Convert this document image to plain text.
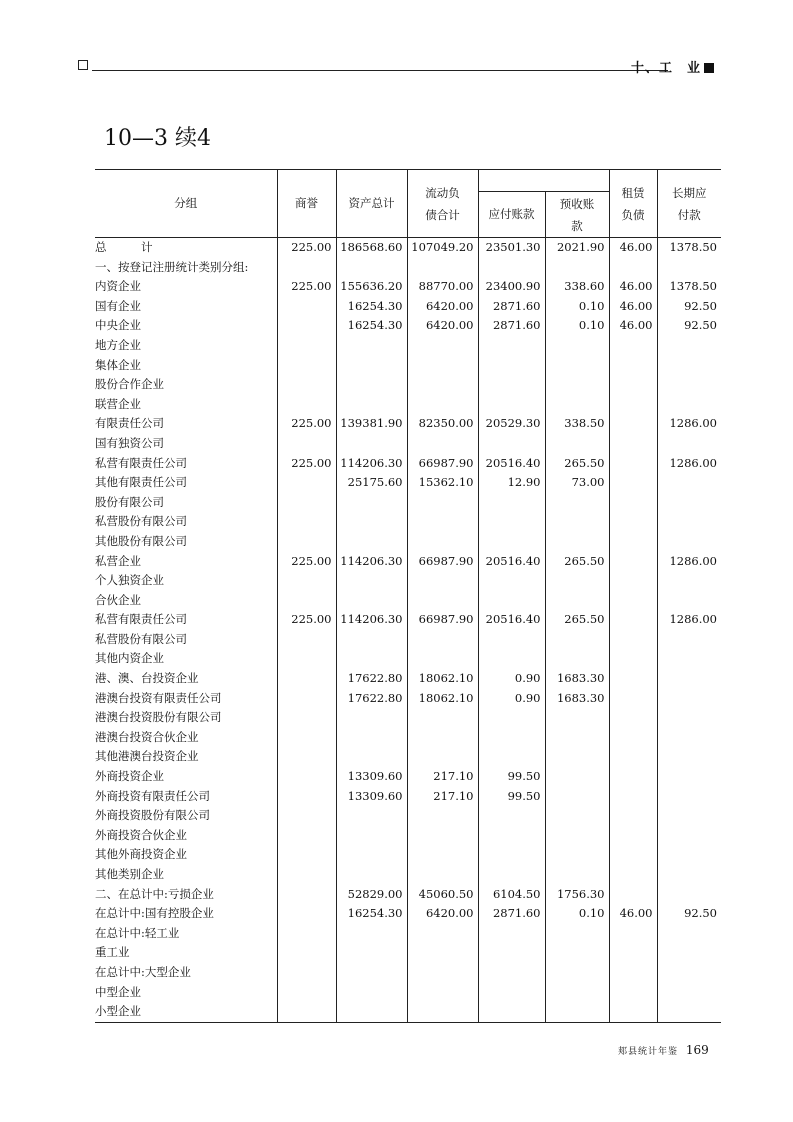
十、工　业
10—3 续4
分组	商誉	资产总计	流动负债合计			租赁负债	长期应付款

				应付账款	预收账款		

总　　　计	225.00	186568.60	107049.20	23501.30	2021.90	46.00	1378.50
一、按登记注册统计类别分组:							
内资企业	225.00	155636.20	88770.00	23400.90	338.60	46.00	1378.50
国有企业		16254.30	6420.00	2871.60	0.10	46.00	92.50
中央企业		16254.30	6420.00	2871.60	0.10	46.00	92.50
地方企业							
集体企业							
股份合作企业							
联营企业							
有限责任公司	225.00	139381.90	82350.00	20529.30	338.50		1286.00
国有独资公司							
私营有限责任公司	225.00	114206.30	66987.90	20516.40	265.50		1286.00
其他有限责任公司		25175.60	15362.10	12.90	73.00		
股份有限公司							
私营股份有限公司							
其他股份有限公司							
私营企业	225.00	114206.30	66987.90	20516.40	265.50		1286.00
个人独资企业							
合伙企业							
私营有限责任公司	225.00	114206.30	66987.90	20516.40	265.50		1286.00
私营股份有限公司							
其他内资企业							
港、澳、台投资企业		17622.80	18062.10	0.90	1683.30		
港澳台投资有限责任公司		17622.80	18062.10	0.90	1683.30		
港澳台投资股份有限公司							
港澳台投资合伙企业							
其他港澳台投资企业							
外商投资企业		13309.60	217.10	99.50			
外商投资有限责任公司		13309.60	217.10	99.50			
外商投资股份有限公司							
外商投资合伙企业							
其他外商投资企业							
其他类别企业							
二、在总计中:亏损企业		52829.00	45060.50	6104.50	1756.30		
在总计中:国有控股企业		16254.30	6420.00	2871.60	0.10	46.00	92.50
在总计中:轻工业							
重工业							
在总计中:大型企业							
中型企业							
小型企业							
郏县统计年鉴 169
